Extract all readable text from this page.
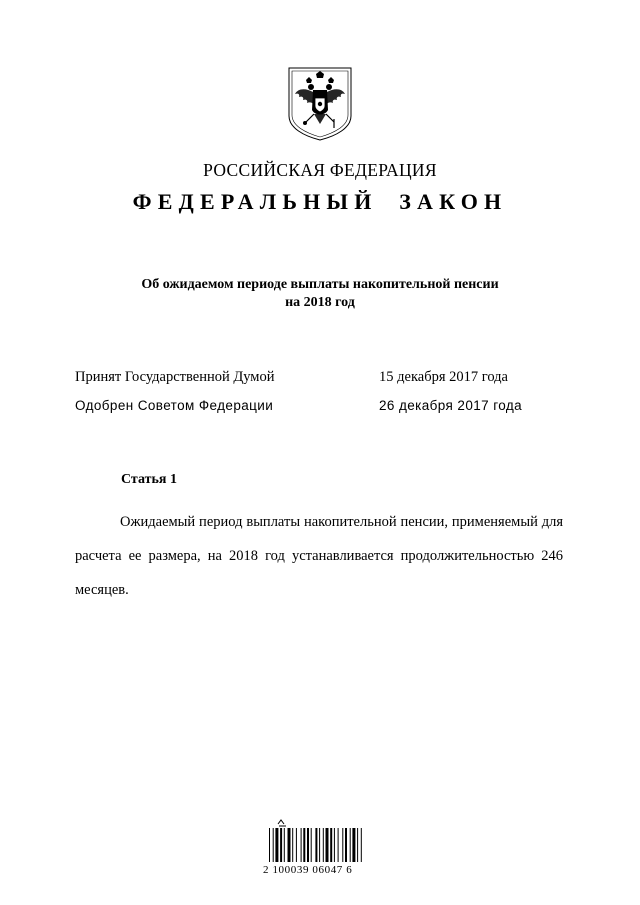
РОССИЙСКАЯ ФЕДЕРАЦИЯ
ФЕДЕРАЛЬНЫЙ ЗАКОН
Об ожидаемом периоде выплаты накопительной пенсии
на 2018 год
Принят Государственной Думой	15 декабря 2017 года
Одобрен Советом Федерации	26 декабря 2017 года
Статья 1

Ожидаемый период выплаты накопительной пенсии, применяемый для расчета ее размера, на 2018 год устанавливается продолжительностью 246 месяцев.

2 100039 06047 6
